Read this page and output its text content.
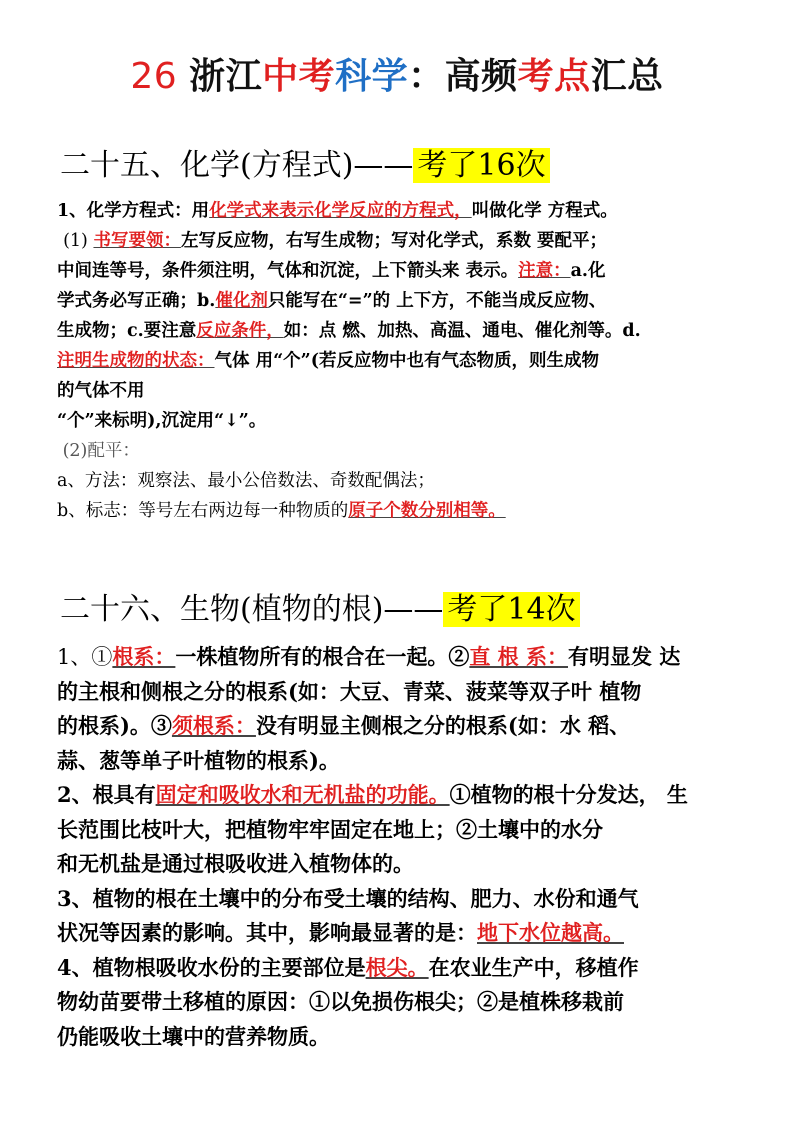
26 浙江中考科学：高频考点汇总
二十五、化学(方程式)—— 考了16次
1、化学方程式：用化学式来表示化学反应的方程式，叫做化学 方程式。
(1) 书写要领：左写反应物，右写生成物；写对化学式，系数 要配平；
中间连等号，条件须注明，气体和沉淀，上下箭头来 表示。注意：a.化
学式务必写正确；b.催化剂只能写在“=”的 上下方，不能当成反应物、
生成物；c.要注意反应条件，如：点 燃、加热、高温、通电、催化剂等。d.
注明生成物的状态：气体 用“个”(若反应物中也有气态物质，则生成物
的气体不用
“个”来标明),沉淀用“↓”。
(2)配平：
a、方法：观察法、最小公倍数法、奇数配偶法；
b、标志：等号左右两边每一种物质的原子个数分别相等。
二十六、生物(植物的根)—— 考了14次
1、①根系：一株植物所有的根合在一起。②直 根 系：有明显发 达
的主根和侧根之分的根系(如：大豆、青菜、菠菜等双子叶 植物
的根系)。③须根系：没有明显主侧根之分的根系(如：水 稻、
蒜、葱等单子叶植物的根系)。
2、根具有固定和吸收水和无机盐的功能。①植物的根十分发达， 生
长范围比枝叶大，把植物牢牢固定在地上；②土壤中的水分
和无机盐是通过根吸收进入植物体的。
3、植物的根在土壤中的分布受土壤的结构、肥力、水份和通气
状况等因素的影响。其中，影响最显著的是：地下水位越高。
4、植物根吸收水份的主要部位是根尖。在农业生产中，移植作
物幼苗要带土移植的原因：①以免损伤根尖；②是植株移栽前
仍能吸收土壤中的营养物质。
